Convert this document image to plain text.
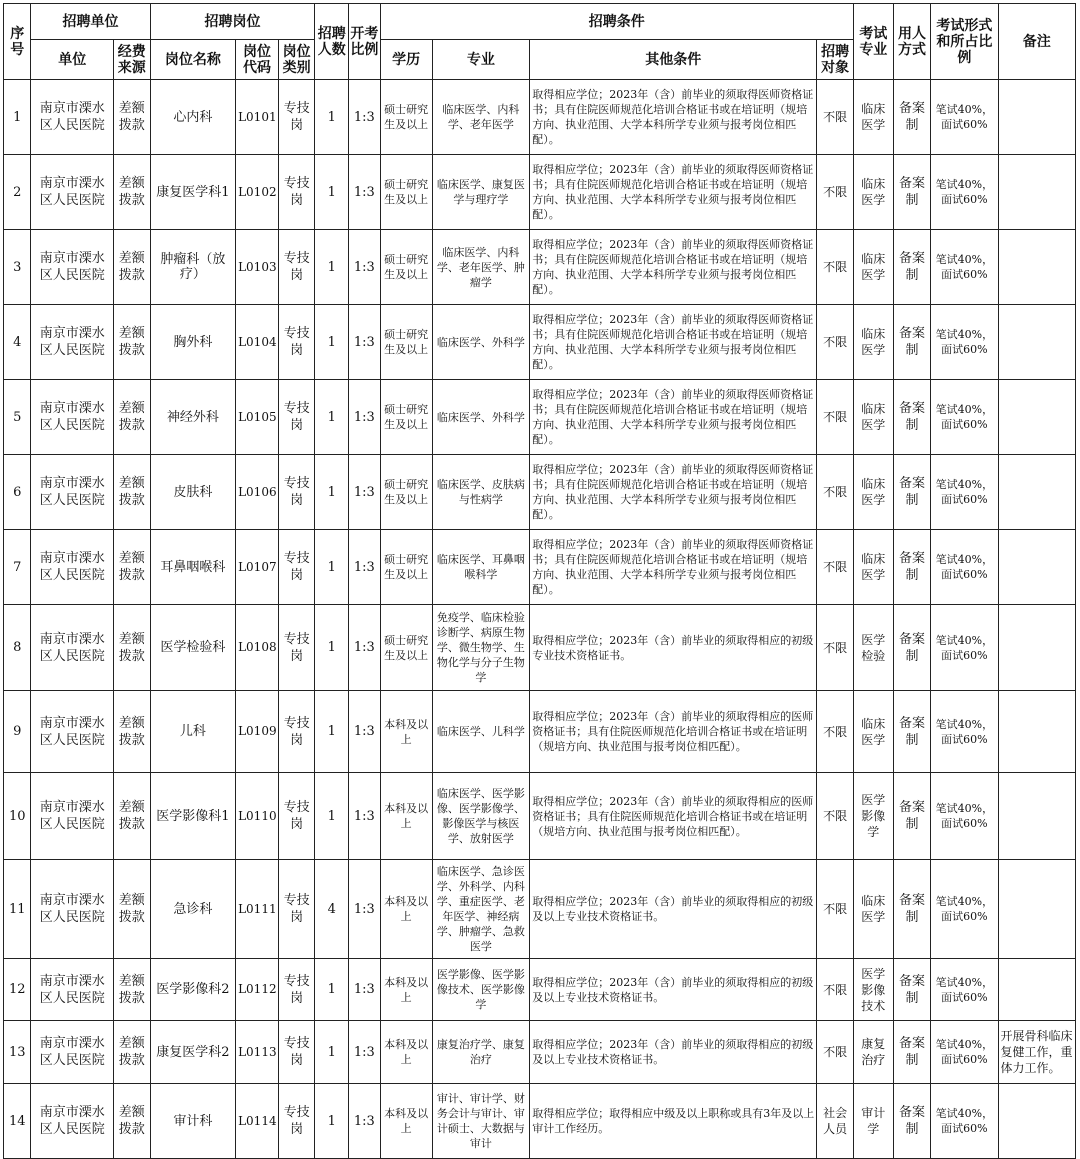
序号	招聘单位		招聘岗位			招聘人数	开考比例	招聘条件				考试专业	用人方式	考试形式和所占比例	备注
	单位	经费来源	岗位名称	岗位代码	岗位类别			学历	专业	其他条件	招聘对象				
1	南京市溧水区人民医院	差额拨款	心内科	L0101	专技岗	1	1:3	硕士研究生及以上	临床医学、内科学、老年医学	取得相应学位；2023年（含）前毕业的须取得医师资格证书；具有住院医师规范化培训合格证书或在培证明（规培方向、执业范围、大学本科所学专业须与报考岗位相匹配）。	不限	临床医学	备案制	笔试40%，面试60%	
2	南京市溧水区人民医院	差额拨款	康复医学科1	L0102	专技岗	1	1:3	硕士研究生及以上	临床医学、康复医学与理疗学	取得相应学位；2023年（含）前毕业的须取得医师资格证书；具有住院医师规范化培训合格证书或在培证明（规培方向、执业范围、大学本科所学专业须与报考岗位相匹配）。	不限	临床医学	备案制	笔试40%，面试60%	
3	南京市溧水区人民医院	差额拨款	肿瘤科（放疗）	L0103	专技岗	1	1:3	硕士研究生及以上	临床医学、内科学、老年医学、肿瘤学	取得相应学位；2023年（含）前毕业的须取得医师资格证书；具有住院医师规范化培训合格证书或在培证明（规培方向、执业范围、大学本科所学专业须与报考岗位相匹配）。	不限	临床医学	备案制	笔试40%，面试60%	
4	南京市溧水区人民医院	差额拨款	胸外科	L0104	专技岗	1	1:3	硕士研究生及以上	临床医学、外科学	取得相应学位；2023年（含）前毕业的须取得医师资格证书；具有住院医师规范化培训合格证书或在培证明（规培方向、执业范围、大学本科所学专业须与报考岗位相匹配）。	不限	临床医学	备案制	笔试40%，面试60%	
5	南京市溧水区人民医院	差额拨款	神经外科	L0105	专技岗	1	1:3	硕士研究生及以上	临床医学、外科学	取得相应学位；2023年（含）前毕业的须取得医师资格证书；具有住院医师规范化培训合格证书或在培证明（规培方向、执业范围、大学本科所学专业须与报考岗位相匹配）。	不限	临床医学	备案制	笔试40%，面试60%	
6	南京市溧水区人民医院	差额拨款	皮肤科	L0106	专技岗	1	1:3	硕士研究生及以上	临床医学、皮肤病与性病学	取得相应学位；2023年（含）前毕业的须取得医师资格证书；具有住院医师规范化培训合格证书或在培证明（规培方向、执业范围、大学本科所学专业须与报考岗位相匹配）。	不限	临床医学	备案制	笔试40%，面试60%	
7	南京市溧水区人民医院	差额拨款	耳鼻咽喉科	L0107	专技岗	1	1:3	硕士研究生及以上	临床医学、耳鼻咽喉科学	取得相应学位；2023年（含）前毕业的须取得医师资格证书；具有住院医师规范化培训合格证书或在培证明（规培方向、执业范围、大学本科所学专业须与报考岗位相匹配）。	不限	临床医学	备案制	笔试40%，面试60%	
8	南京市溧水区人民医院	差额拨款	医学检验科	L0108	专技岗	1	1:3	硕士研究生及以上	免疫学、临床检验诊断学、病原生物学、微生物学、生物化学与分子生物学	取得相应学位；2023年（含）前毕业的须取得相应的初级专业技术资格证书。	不限	医学检验	备案制	笔试40%，面试60%	
9	南京市溧水区人民医院	差额拨款	儿科	L0109	专技岗	1	1:3	本科及以上	临床医学、儿科学	取得相应学位；2023年（含）前毕业的须取得相应的医师资格证书；具有住院医师规范化培训合格证书或在培证明（规培方向、执业范围与报考岗位相匹配）。	不限	临床医学	备案制	笔试40%，面试60%	
10	南京市溧水区人民医院	差额拨款	医学影像科1	L0110	专技岗	1	1:3	本科及以上	临床医学、医学影像、医学影像学、影像医学与核医学、放射医学	取得相应学位；2023年（含）前毕业的须取得相应的医师资格证书；具有住院医师规范化培训合格证书或在培证明（规培方向、执业范围与报考岗位相匹配）。	不限	医学影像学	备案制	笔试40%，面试60%	
11	南京市溧水区人民医院	差额拨款	急诊科	L0111	专技岗	4	1:3	本科及以上	临床医学、急诊医学、外科学、内科学、重症医学、老年医学、神经病学、肿瘤学、急救医学	取得相应学位；2023年（含）前毕业的须取得相应的初级及以上专业技术资格证书。	不限	临床医学	备案制	笔试40%，面试60%	
12	南京市溧水区人民医院	差额拨款	医学影像科2	L0112	专技岗	1	1:3	本科及以上	医学影像、医学影像技术、医学影像学	取得相应学位；2023年（含）前毕业的须取得相应的初级及以上专业技术资格证书。	不限	医学影像技术	备案制	笔试40%，面试60%	
13	南京市溧水区人民医院	差额拨款	康复医学科2	L0113	专技岗	1	1:3	本科及以上	康复治疗学、康复治疗	取得相应学位；2023年（含）前毕业的须取得相应的初级及以上专业技术资格证书。	不限	康复治疗	备案制	笔试40%，面试60%	开展骨科临床复健工作，重体力工作。
14	南京市溧水区人民医院	差额拨款	审计科	L0114	专技岗	1	1:3	本科及以上	审计、审计学、财务会计与审计、审计硕士、大数据与审计	取得相应学位；取得相应中级及以上职称或具有3年及以上审计工作经历。	社会人员	审计学	备案制	笔试40%，面试60%	
